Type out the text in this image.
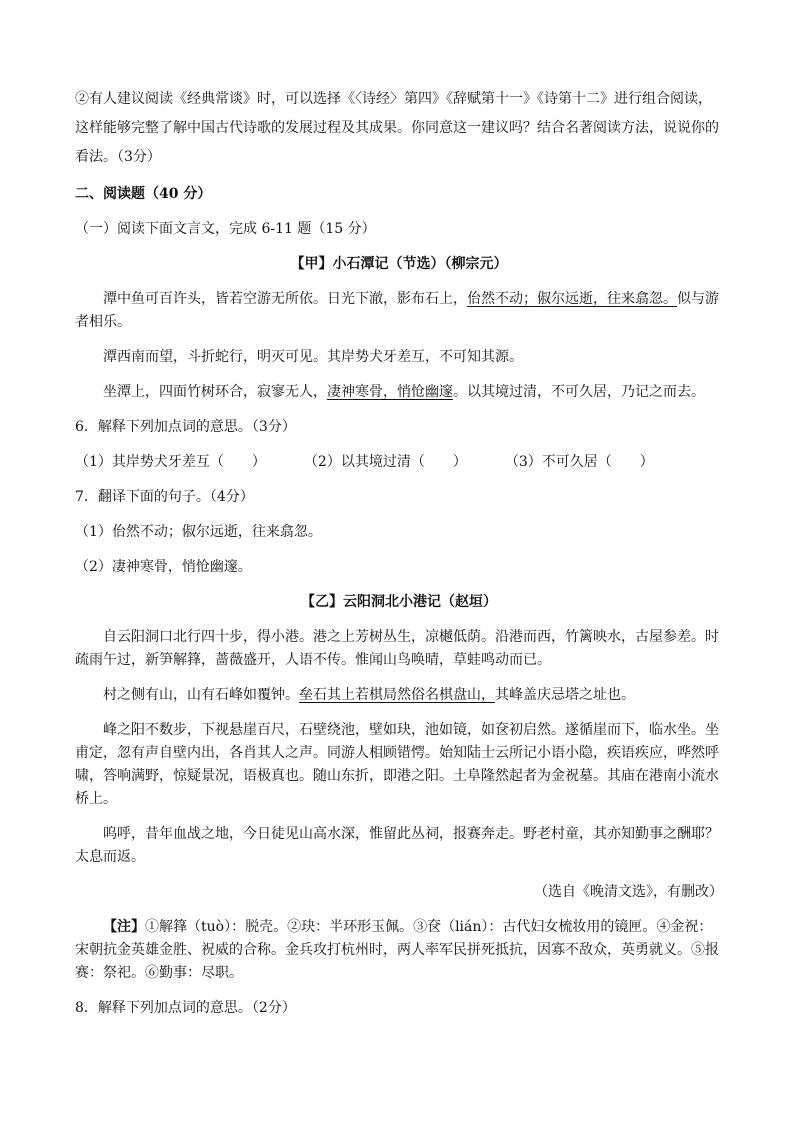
②有人建议阅读《经典常谈》时，可以选择《〈诗经〉第四》《辞赋第十一》《诗第十二》进行组合阅读，

这样能够完整了解中国古代诗歌的发展过程及其成果。你同意这一建议吗？结合名著阅读方法，说说你的

看法。（3分）

二、阅读题（40 分）

（一）阅读下面文言文，完成 6-11 题（15 分）

【甲】小石潭记（节选）（柳宗元）

潭中鱼可百许头，皆若空游无所依。日光下澈，影布石上，佁然不动；俶尔远逝，往来翕忽。似与游者相乐。

潭西南而望，斗折蛇行，明灭可见。其岸势犬牙差互，不可知其源。

坐潭上，四面竹树环合，寂寥无人，凄神寒骨，悄怆幽邃。以其境过清，不可久居，乃记之而去。

6．解释下列加点词的意思。（3分）

（1）其岸势犬牙差互（　　）	（2）以其境过清（　　）	（3）不可久居（　　）

7．翻译下面的句子。（4分）

（1）佁然不动；俶尔远逝，往来翕忽。

（2）凄神寒骨，悄怆幽邃。

【乙】云阳洞北小港记（赵垣）

自云阳洞口北行四十步，得小港。港之上芳树丛生，凉樾低荫。沿港而西，竹篱映水，古屋参差。时疏雨午过，新笋解箨，蔷薇盛开，人语不传。惟闻山鸟唤晴，草蛙鸣动而已。

村之侧有山，山有石峰如覆钟。垒石其上若棋局然俗名棋盘山，其峰盖庆忌塔之址也。

峰之阳不数步，下视悬崖百尺，石壁绕池，壁如玦，池如镜，如奁初启然。遂循崖而下，临水坐。坐甫定，忽有声自壁内出，各肖其人之声。同游人相顾错愕。始知陆士云所记小语小隐，疾语疾应，哗然呼啸，答响满野，惊疑景况，语极真也。随山东折，即港之阳。土阜隆然起者为金祝墓。其庙在港南小流水桥上。

呜呼，昔年血战之地，今日徒见山高水深，惟留此丛祠，报赛奔走。野老村童，其亦知勤事之酬耶？太息而返。

（选自《晚清文选》，有删改）

【注】①解箨（tuò）：脱壳。②玦：半环形玉佩。③奁（lián）：古代妇女梳妆用的镜匣。④金祝：宋朝抗金英雄金胜、祝威的合称。金兵攻打杭州时，两人率军民拼死抵抗，因寡不敌众，英勇就义。⑤报赛：祭祀。⑥勤事：尽职。

8．解释下列加点词的意思。（2分）
